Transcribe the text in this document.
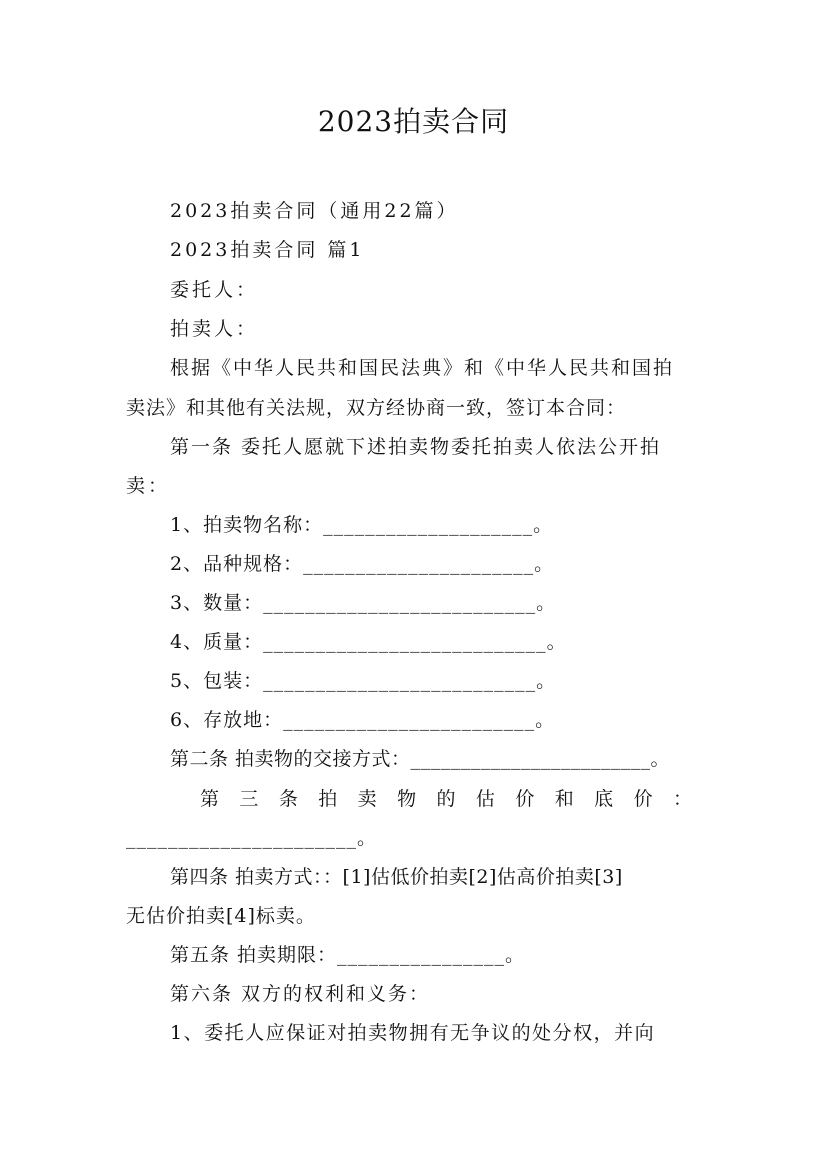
2023拍卖合同
2023拍卖合同（通用22篇）
2023拍卖合同 篇1
委托人：
拍卖人：
根据《中华人民共和国民法典》和《中华人民共和国拍
卖法》和其他有关法规，双方经协商一致，签订本合同：
第一条 委托人愿就下述拍卖物委托拍卖人依法公开拍
卖：
1、拍卖物名称：____________________。
2、品种规格：______________________。
3、数量：__________________________。
4、质量：___________________________。
5、包装：__________________________。
6、存放地：________________________。
第二条 拍卖物的交接方式：________________________。
第 三 条 拍 卖 物 的 估 价 和 底 价 ：
______________________。
第四条 拍卖方式：：[1]估低价拍卖[2]估高价拍卖[3]
无估价拍卖[4]标卖。
第五条 拍卖期限：________________。
第六条 双方的权利和义务：
1、委托人应保证对拍卖物拥有无争议的处分权，并向
